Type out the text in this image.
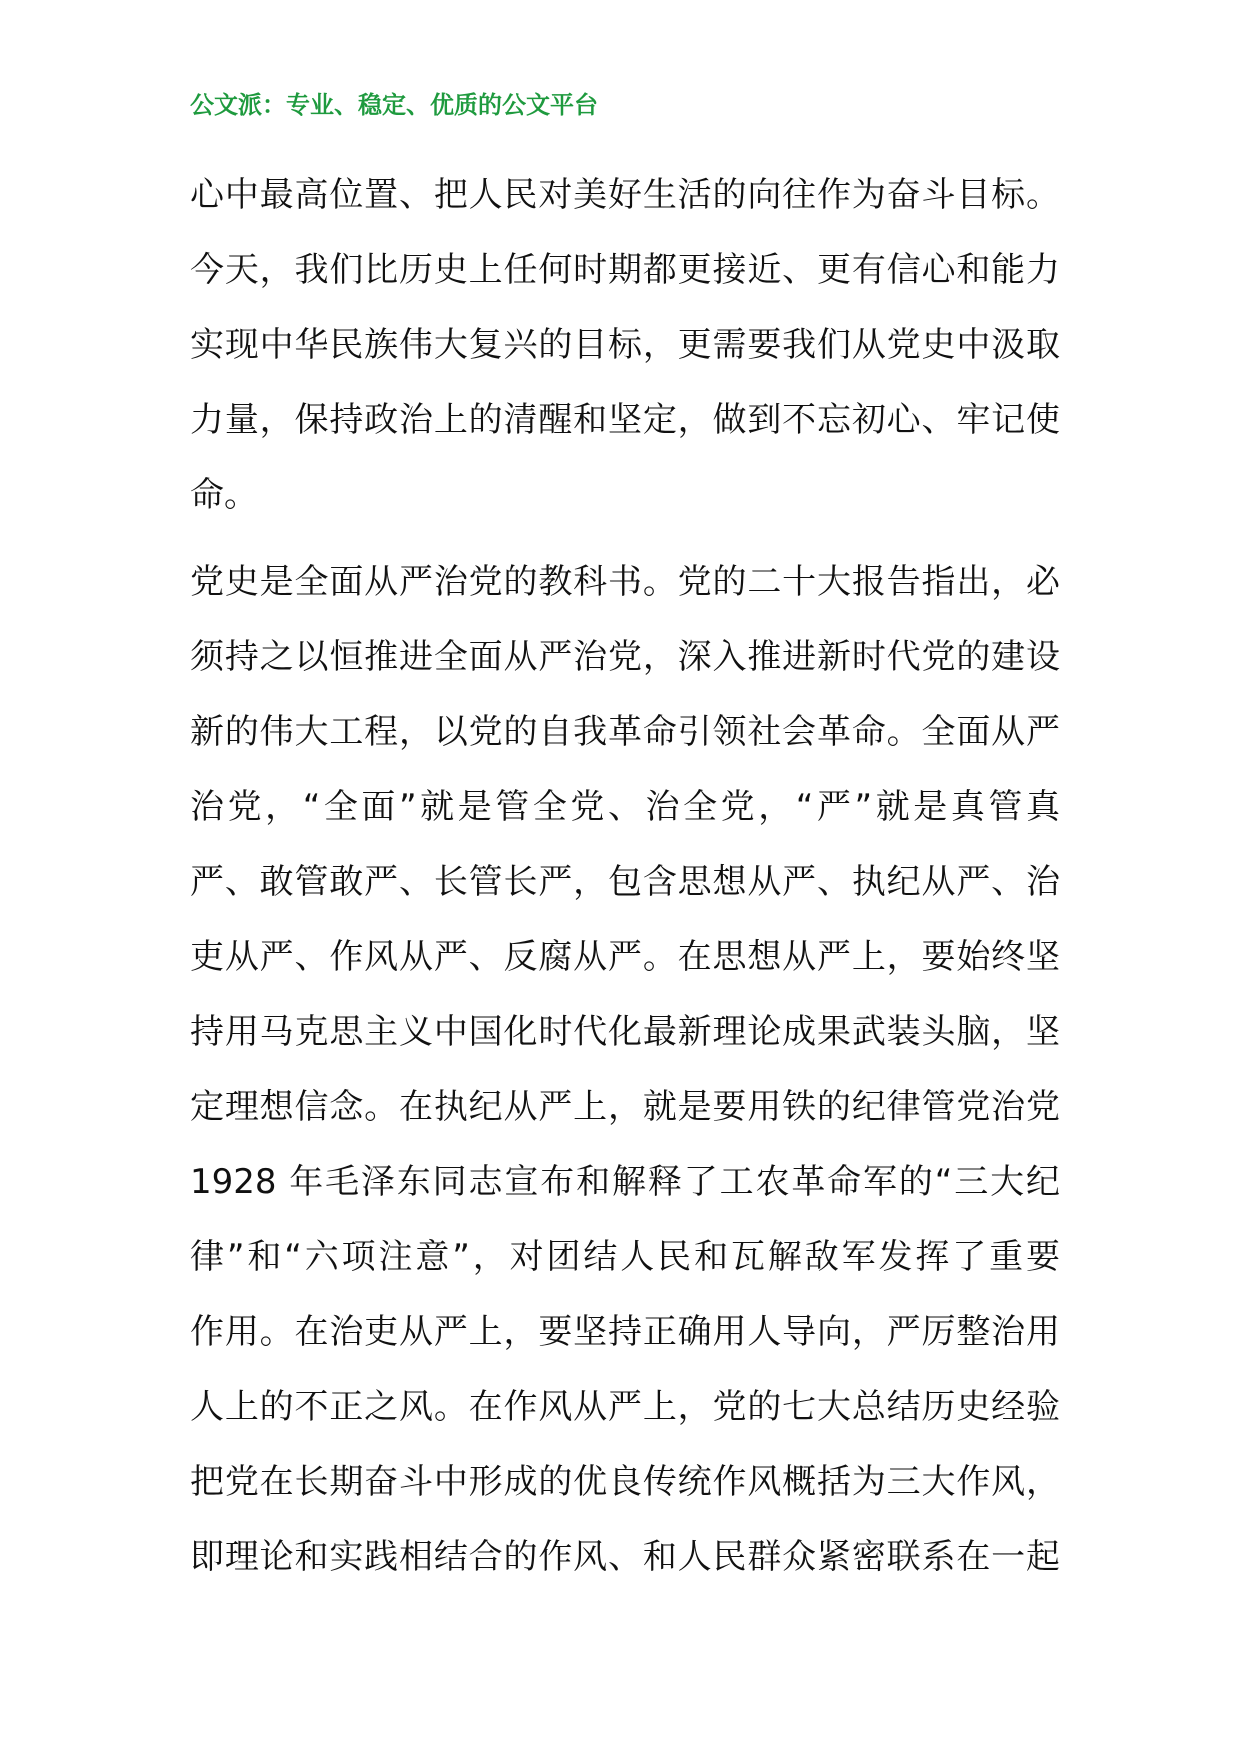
公文派：专业、稳定、优质的公文平台
心中最高位置、把人民对美好生活的向往作为奋斗目标。
今天，我们比历史上任何时期都更接近、更有信心和能力
实现中华民族伟大复兴的目标，更需要我们从党史中汲取
力量，保持政治上的清醒和坚定，做到不忘初心、牢记使
命。
党史是全面从严治党的教科书。党的二十大报告指出，必
须持之以恒推进全面从严治党，深入推进新时代党的建设
新的伟大工程，以党的自我革命引领社会革命。全面从严
治党，“全面”就是管全党、治全党，“严”就是真管真
严、敢管敢严、长管长严，包含思想从严、执纪从严、治
吏从严、作风从严、反腐从严。在思想从严上，要始终坚
持用马克思主义中国化时代化最新理论成果武装头脑，坚
定理想信念。在执纪从严上，就是要用铁的纪律管党治党
1928 年毛泽东同志宣布和解释了工农革命军的“三大纪
律”和“六项注意”，对团结人民和瓦解敌军发挥了重要
作用。在治吏从严上，要坚持正确用人导向，严厉整治用
人上的不正之风。在作风从严上，党的七大总结历史经验
把党在长期奋斗中形成的优良传统作风概括为三大作风，
即理论和实践相结合的作风、和人民群众紧密联系在一起
